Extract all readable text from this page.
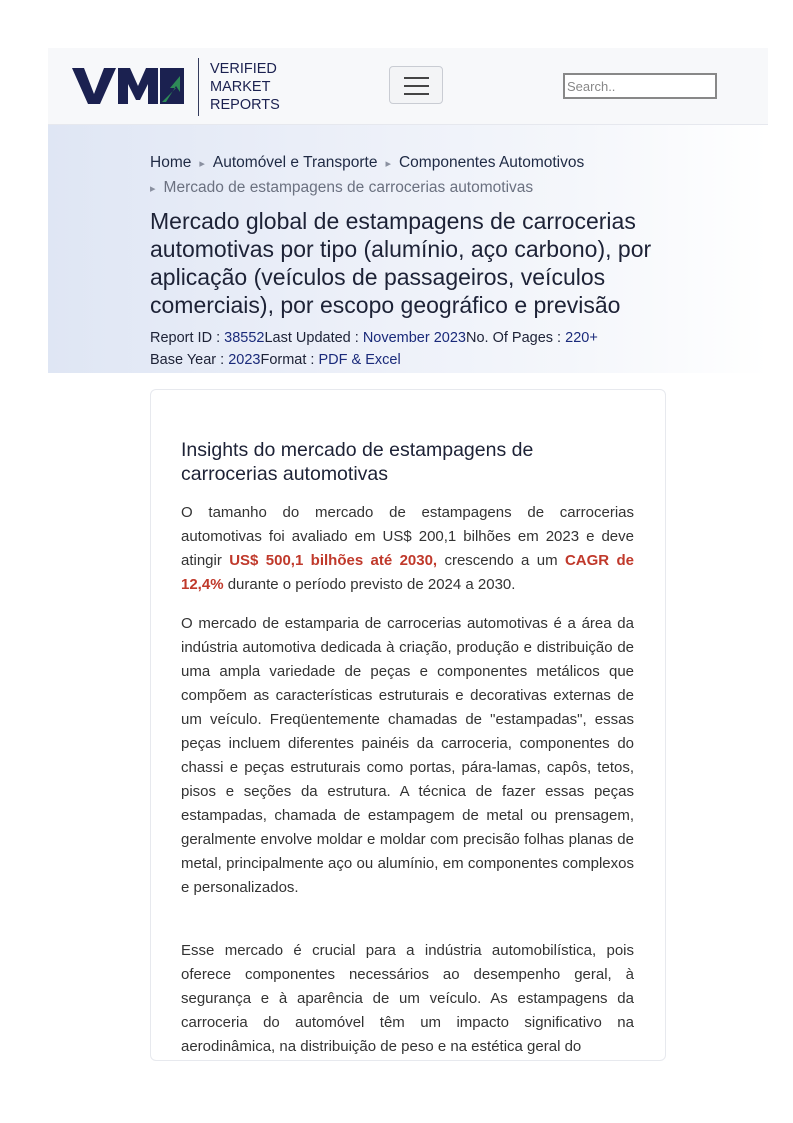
VERIFIED
MARKET
REPORTS
Search..
Home ▸ Automóvel e Transporte ▸ Componentes Automotivos
▸ Mercado de estampagens de carrocerias automotivas
Mercado global de estampagens de carrocerias automotivas por tipo (alumínio, aço carbono), por aplicação (veículos de passageiros, veículos comerciais), por escopo geográfico e previsão
Report ID : 38552Last Updated : November 2023No. Of Pages : 220+
Base Year : 2023Format : PDF & Excel
Insights do mercado de estampagens de carrocerias automotivas

O tamanho do mercado de estampagens de carrocerias automotivas foi avaliado em US$ 200,1 bilhões em 2023 e deve atingir US$ 500,1 bilhões até 2030, crescendo a um CAGR de 12,4% durante o período previsto de 2024 a 2030.

O mercado de estamparia de carrocerias automotivas é a área da indústria automotiva dedicada à criação, produção e distribuição de uma ampla variedade de peças e componentes metálicos que compõem as características estruturais e decorativas externas de um veículo. Freqüentemente chamadas de "estampadas", essas peças incluem diferentes painéis da carroceria, componentes do chassi e peças estruturais como portas, pára-lamas, capôs, tetos, pisos e seções da estrutura. A técnica de fazer essas peças estampadas, chamada de estampagem de metal ou prensagem, geralmente envolve moldar e moldar com precisão folhas planas de metal, principalmente aço ou alumínio, em componentes complexos e personalizados.

Esse mercado é crucial para a indústria automobilística, pois oferece componentes necessários ao desempenho geral, à segurança e à aparência de um veículo. As estampagens da carroceria do automóvel têm um impacto significativo na aerodinâmica, na distribuição de peso e na estética geral do
